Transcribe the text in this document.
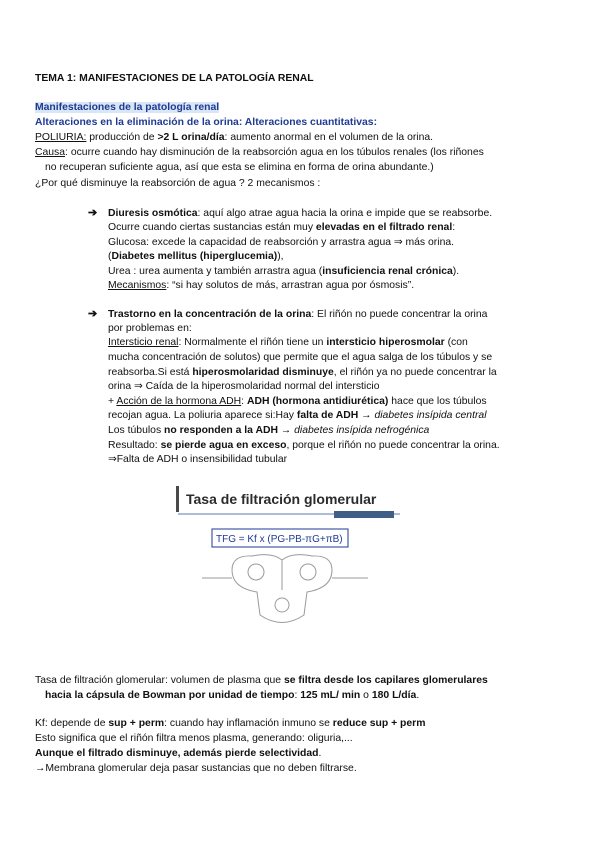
TEMA 1: MANIFESTACIONES DE LA PATOLOGÍA RENAL
Manifestaciones de la patología renal
Alteraciones en la eliminación de la orina: Alteraciones cuantitativas:
POLIURIA: producción de >2 L orina/día: aumento anormal en el volumen de la orina.
Causa: ocurre cuando hay disminución de la reabsorción agua en los túbulos renales (los riñones
no recuperan suficiente agua, así que esta se elimina en forma de orina abundante.)
¿Por qué disminuye la reabsorción de agua ? 2 mecanismos :
➔ Diuresis osmótica: aquí algo atrae agua hacia la orina e impide que se reabsorbe.
Ocurre cuando ciertas sustancias están muy elevadas en el filtrado renal:
Glucosa: excede la capacidad de reabsorción y arrastra agua ⇒ más orina.
(Diabetes mellitus (hiperglucemia)),
Urea : urea aumenta y también arrastra agua (insuficiencia renal crónica).
Mecanismos: “si hay solutos de más, arrastran agua por ósmosis”.
➔ Trastorno en la concentración de la orina: El riñón no puede concentrar la orina
por problemas en:
Intersticio renal: Normalmente el riñón tiene un intersticio hiperosmolar (con
mucha concentración de solutos) que permite que el agua salga de los túbulos y se
reabsorba.Si está hiperosmolaridad disminuye, el riñón ya no puede concentrar la
orina ⇒ Caída de la hiperosmolaridad normal del intersticio
+ Acción de la hormona ADH: ADH (hormona antidiurética) hace que los túbulos
recojan agua. La poliuria aparece si:Hay falta de ADH → diabetes insípida central
Los túbulos no responden a la ADH → diabetes insípida nefrogénica
Resultado: se pierde agua en exceso, porque el riñón no puede concentrar la orina.
⇒Falta de ADH o insensibilidad tubular
Tasa de filtración glomerular
TFG = Kf x (PG-PB-πG+πB)
Tasa de filtración glomerular: volumen de plasma que se filtra desde los capilares glomerulares
hacia la cápsula de Bowman por unidad de tiempo: 125 mL/ min o 180 L/día.
Kf: depende de sup + perm: cuando hay inflamación inmuno se reduce sup + perm
Esto significa que el riñón filtra menos plasma, generando: oliguria,...
Aunque el filtrado disminuye, además pierde selectividad.
→Membrana glomerular deja pasar sustancias que no deben filtrarse.
